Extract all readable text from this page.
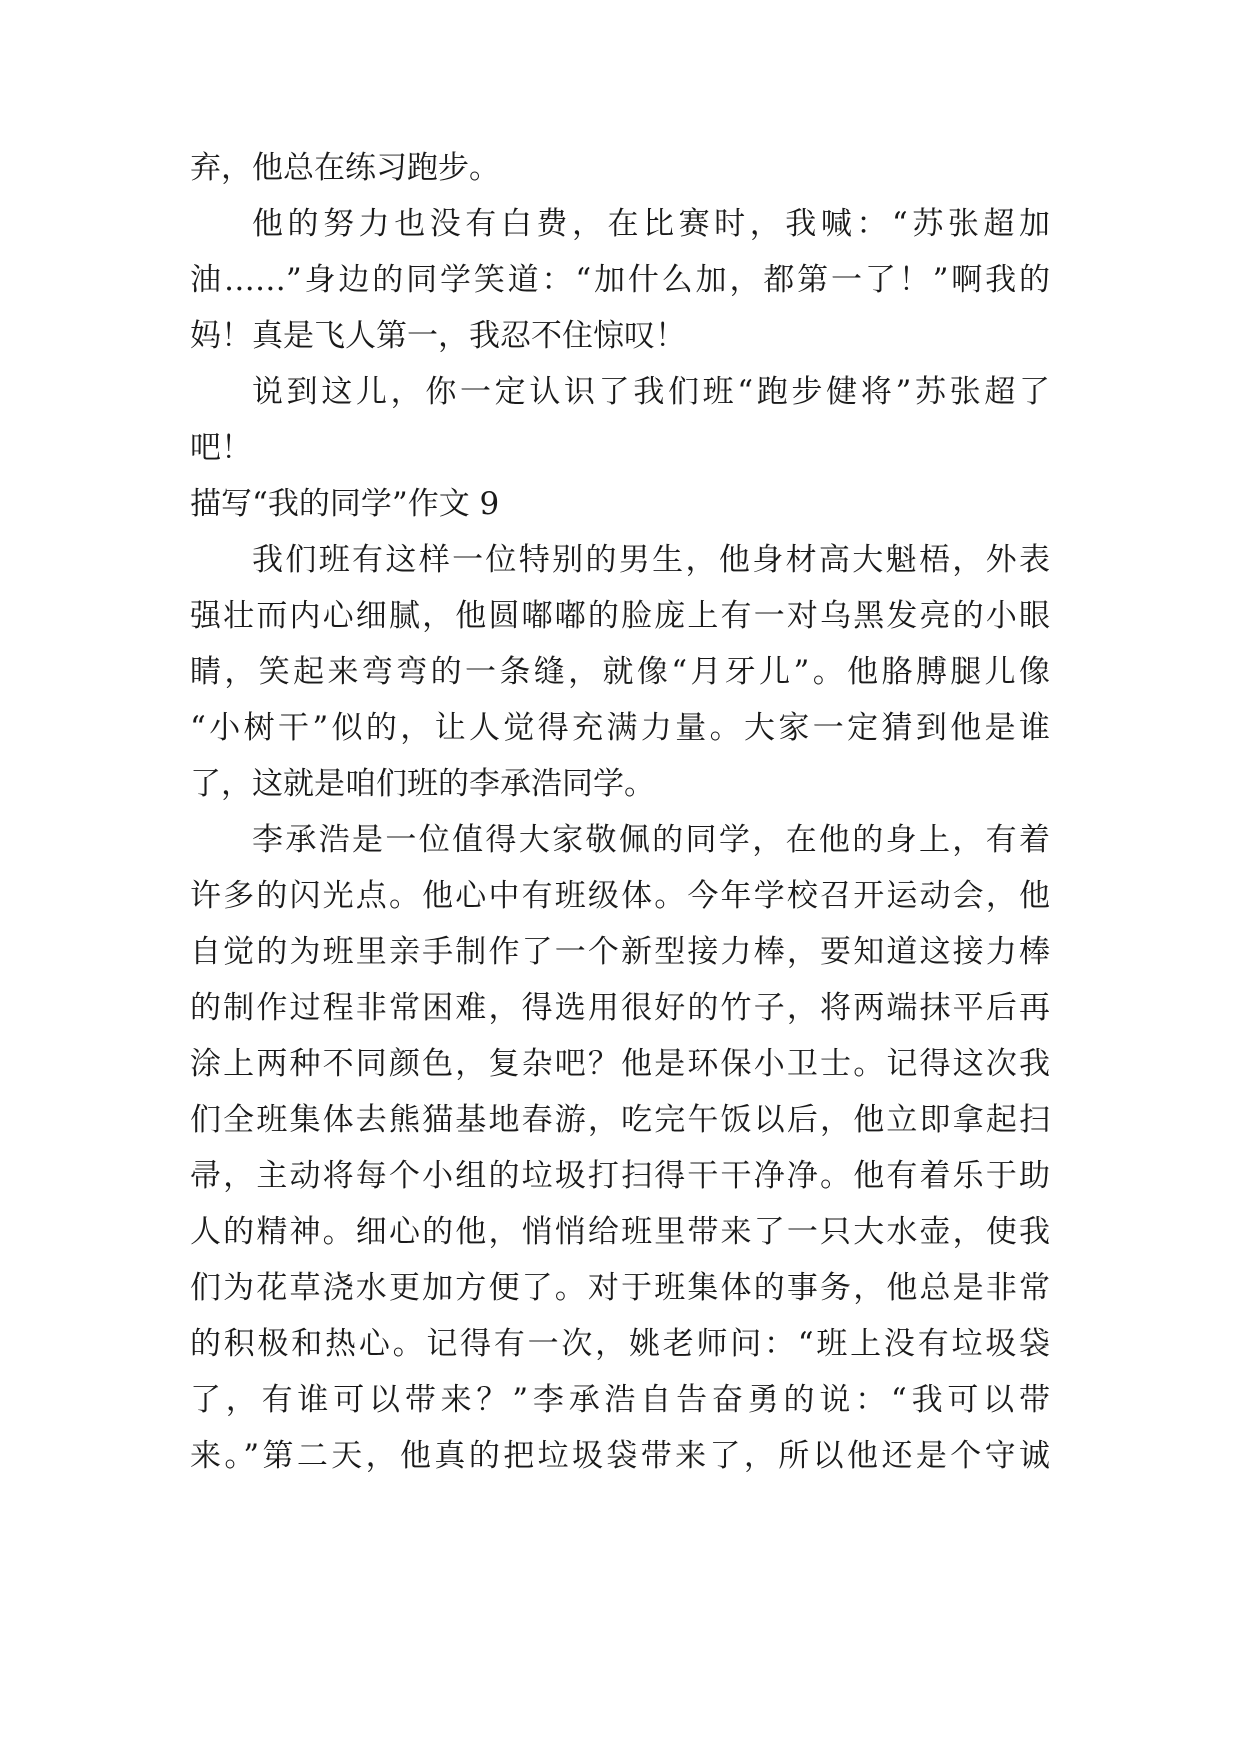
弃，他总在练习跑步。

他的努力也没有白费，在比赛时，我喊：“苏张超加

油……”身边的同学笑道：“加什么加，都第一了！”啊我的

妈！真是飞人第一，我忍不住惊叹！

说到这儿，你一定认识了我们班“跑步健将”苏张超了

吧！

描写“我的同学”作文 9

我们班有这样一位特别的男生，他身材高大魁梧，外表

强壮而内心细腻，他圆嘟嘟的脸庞上有一对乌黑发亮的小眼

睛，笑起来弯弯的一条缝，就像“月牙儿”。他胳膊腿儿像

“小树干”似的，让人觉得充满力量。大家一定猜到他是谁

了，这就是咱们班的李承浩同学。

李承浩是一位值得大家敬佩的同学，在他的身上，有着

许多的闪光点。他心中有班级体。今年学校召开运动会，他

自觉的为班里亲手制作了一个新型接力棒，要知道这接力棒

的制作过程非常困难，得选用很好的竹子，将两端抹平后再

涂上两种不同颜色，复杂吧？他是环保小卫士。记得这次我

们全班集体去熊猫基地春游，吃完午饭以后，他立即拿起扫

帚，主动将每个小组的垃圾打扫得干干净净。他有着乐于助

人的精神。细心的他，悄悄给班里带来了一只大水壶，使我

们为花草浇水更加方便了。对于班集体的事务，他总是非常

的积极和热心。记得有一次，姚老师问：“班上没有垃圾袋

了，有谁可以带来？”李承浩自告奋勇的说：“我可以带

来。”第二天，他真的把垃圾袋带来了，所以他还是个守诚
